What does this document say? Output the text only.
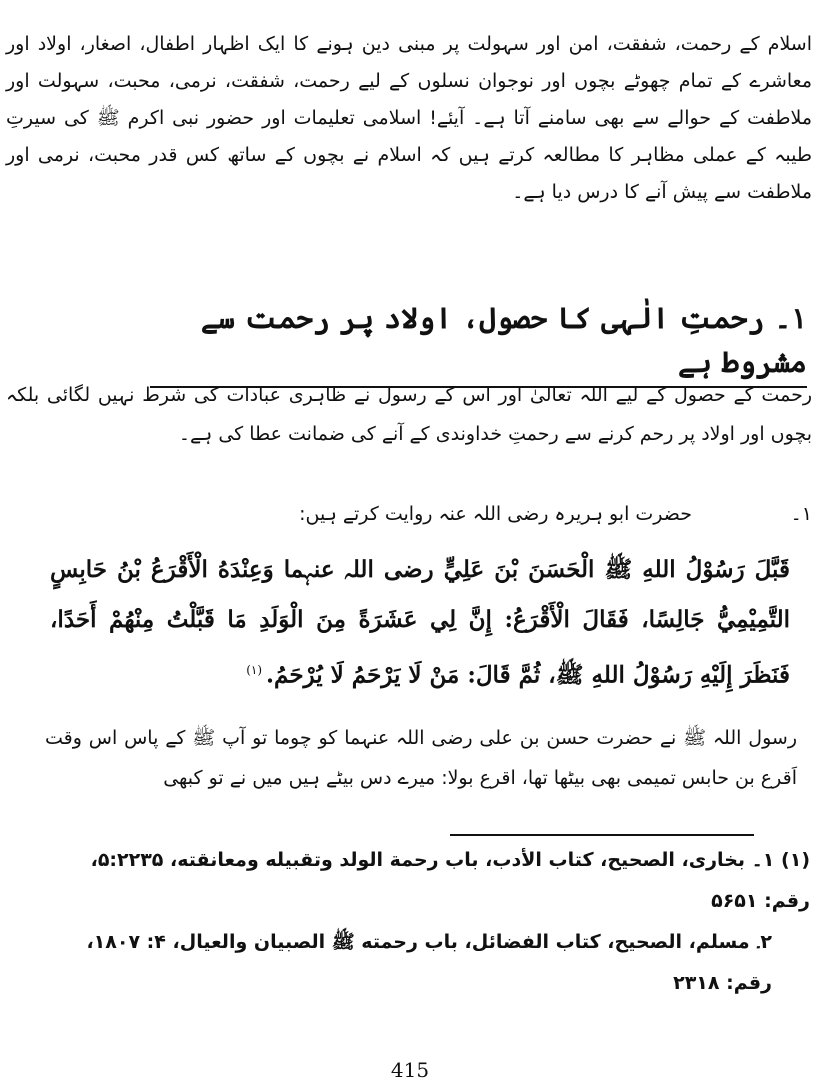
اسلام کے رحمت، شفقت، امن اور سہولت پر مبنی دین ہونے کا ایک اظہار اطفال، اصغار، اولاد اور معاشرے کے تمام چھوٹے بچوں اور نوجوان نسلوں کے لیے رحمت، شفقت، نرمی، محبت، سہولت اور ملاطفت کے حوالے سے بھی سامنے آتا ہے۔ آیئے! اسلامی تعلیمات اور حضور نبی اکرم ﷺ کی سیرتِ طیبہ کے عملی مظاہر کا مطالعہ کرتے ہیں کہ اسلام نے بچوں کے ساتھ کس قدر محبت، نرمی اور ملاطفت سے پیش آنے کا درس دیا ہے۔
۱۔ رحمتِ الٰہی کا حصول، اولاد پر رحمت سے مشروط ہے
رحمت کے حصول کے لیے اللہ تعالیٰ اور اس کے رسول نے ظاہری عبادات کی شرط نہیں لگائی بلکہ بچوں اور اولاد پر رحم کرنے سے رحمتِ خداوندی کے آنے کی ضمانت عطا کی ہے۔
۱۔
حضرت ابو ہریرہ رضی اللہ عنہ روایت کرتے ہیں:
قَبَّلَ رَسُوْلُ اللهِ ﷺ الْحَسَنَ بْنَ عَلِيٍّ رضی اللہ عنہما وَعِنْدَهُ الْأَقْرَعُ بْنُ حَابِسٍ التَّمِيْمِيُّ جَالِسًا، فَقَالَ الْأَقْرَعُ: إِنَّ لِي عَشَرَةً مِنَ الْوَلَدِ مَا قَبَّلْتُ مِنْهُمْ أَحَدًا، فَنَظَرَ إِلَيْهِ رَسُوْلُ اللهِ ﷺ، ثُمَّ قَالَ: مَنْ لَا يَرْحَمُ لَا يُرْحَمُ.$^{(۱)}$
رسول اللہ ﷺ نے حضرت حسن بن علی رضی اللہ عنہما کو چوما تو آپ ﷺ کے پاس اس وقت اَقرع بن حابس تمیمی بھی بیٹھا تھا، اقرع بولا: میرے دس بیٹے ہیں میں نے تو کبھی
(۱) ۱۔ بخاری، الصحيح، کتاب الأدب، باب رحمة الولد وتقبيله ومعانقته، ۵:۲۲۳۵، رقم: ۵۶۵۱
۲۔ مسلم، الصحيح، کتاب الفضائل، باب رحمته ﷺ الصبيان والعيال، ۴: ۱۸۰۷، رقم: ۲۳۱۸
415
